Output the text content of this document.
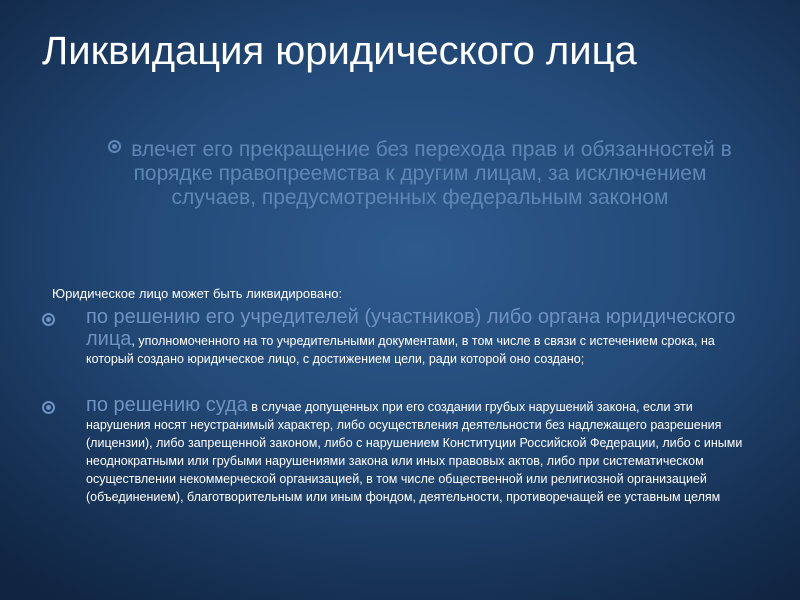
Ликвидация юридического лица
влечет его прекращение без перехода прав и обязанностей в порядке правопреемства к другим лицам, за исключением случаев, предусмотренных федеральным законом
Юридическое лицо может быть ликвидировано:
по решению его учредителей (участников) либо органа юридического лица, уполномоченного на то учредительными документами, в том числе в связи с истечением срока, на который создано юридическое лицо, с достижением цели, ради которой оно создано;
по решению суда в случае допущенных при его создании грубых нарушений закона, если эти нарушения носят неустранимый характер, либо осуществления деятельности без надлежащего разрешения (лицензии), либо запрещенной законом, либо с нарушением Конституции Российской Федерации, либо с иными неоднократными или грубыми нарушениями закона или иных правовых актов, либо при систематическом осуществлении некоммерческой организацией, в том числе общественной или религиозной организацией (объединением), благотворительным или иным фондом, деятельности, противоречащей ее уставным целям
